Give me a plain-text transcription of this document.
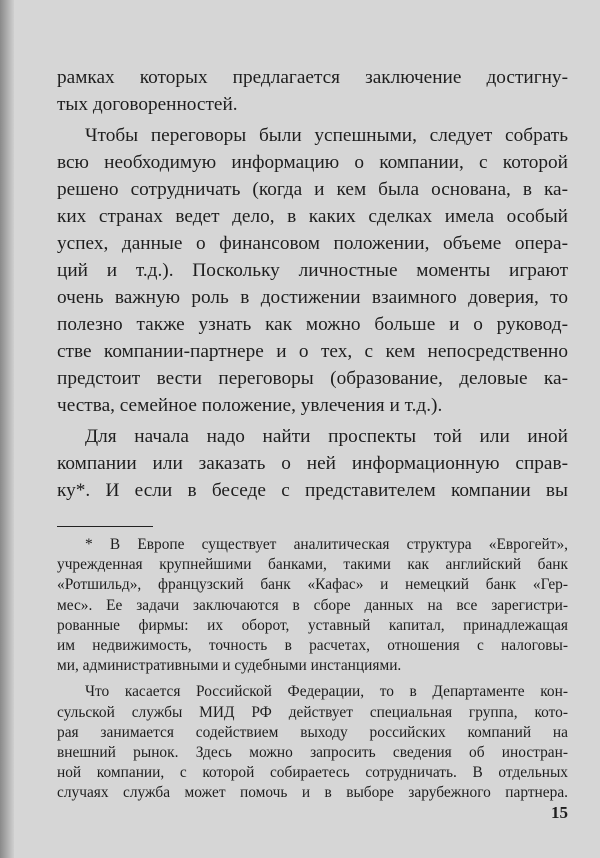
рамках которых предлагается заключение достигну-
тых договоренностей.
Чтобы переговоры были успешными, следует собрать
всю необходимую информацию о компании, с которой
решено сотрудничать (когда и кем была основана, в ка-
ких странах ведет дело, в каких сделках имела особый
успех, данные о финансовом положении, объеме опера-
ций и т.д.). Поскольку личностные моменты играют
очень важную роль в достижении взаимного доверия, то
полезно также узнать как можно больше и о руковод-
стве компании-партнере и о тех, с кем непосредственно
предстоит вести переговоры (образование, деловые ка-
чества, семейное положение, увлечения и т.д.).
Для начала надо найти проспекты той или иной
компании или заказать о ней информационную справ-
ку*. И если в беседе с представителем компании вы
* В Европе существует аналитическая структура «Еврогейт»,
учрежденная крупнейшими банками, такими как английский банк
«Ротшильд», французский банк «Кафас» и немецкий банк «Гер-
мес». Ее задачи заключаются в сборе данных на все зарегистри-
рованные фирмы: их оборот, уставный капитал, принадлежащая
им недвижимость, точность в расчетах, отношения с налоговы-
ми, административными и судебными инстанциями.
Что касается Российской Федерации, то в Департаменте кон-
сульской службы МИД РФ действует специальная группа, кото-
рая занимается содействием выходу российских компаний на
внешний рынок. Здесь можно запросить сведения об иностран-
ной компании, с которой собираетесь сотрудничать. В отдельных
случаях служба может помочь и в выборе зарубежного партнера.
15
